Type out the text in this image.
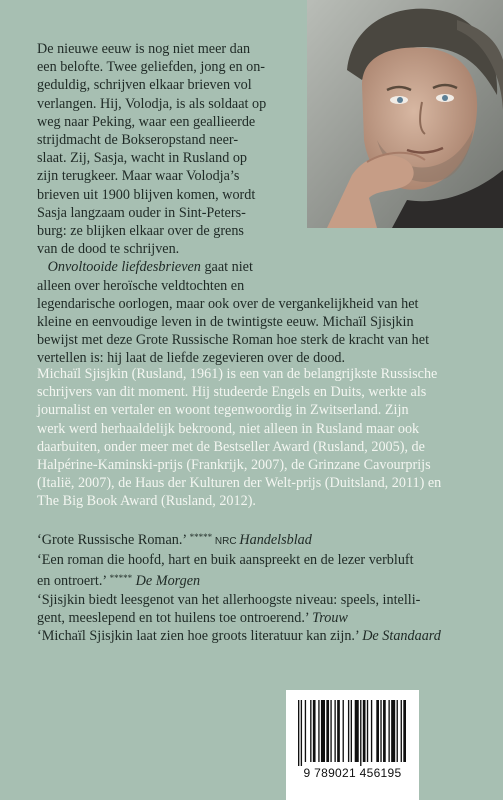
De nieuwe eeuw is nog niet meer dan

een belofte. Twee geliefden, jong en on-

geduldig, schrijven elkaar brieven vol

verlangen. Hij, Volodja, is als soldaat op

weg naar Peking, waar een geallieerde

strijdmacht de Bokseropstand neer-

slaat. Zij, Sasja, wacht in Rusland op

zijn terugkeer. Maar waar Volodja’s

brieven uit 1900 blijven komen, wordt

Sasja langzaam ouder in Sint-Peters-

burg: ze blijken elkaar over de grens

van de dood te schrijven.

Onvoltooide liefdesbrieven gaat niet

alleen over heroïsche veldtochten en

legendarische oorlogen, maar ook over de vergankelijkheid van het

kleine en eenvoudige leven in de twintigste eeuw. Michaïl Sjisjkin

bewijst met deze Grote Russische Roman hoe sterk de kracht van het

vertellen is: hij laat de liefde zegevieren over de dood.

Michaïl Sjisjkin (Rusland, 1961) is een van de belangrijkste Russische
schrijvers van dit moment. Hij studeerde Engels en Duits, werkte als
journalist en vertaler en woont tegenwoordig in Zwitserland. Zijn
werk werd herhaaldelijk bekroond, niet alleen in Rusland maar ook
daarbuiten, onder meer met de Bestseller Award (Rusland, 2005), de
Halpérine-Kaminski-prijs (Frankrijk, 2007), de Grinzane Cavourprijs
(Italië, 2007), de Haus der Kulturen der Welt-prijs (Duitsland, 2011) en
The Big Book Award (Rusland, 2012).
‘Grote Russische Roman.’ ***** NRC Handelsblad
‘Een roman die hoofd, hart en buik aanspreekt en de lezer verbluft
en ontroert.’ ***** De Morgen
‘Sjisjkin biedt leesgenot van het allerhoogste niveau: speels, intelli-
gent, meeslepend en tot huilens toe ontroerend.’ Trouw
‘Michaïl Sjisjkin laat zien hoe groots literatuur kan zijn.’ De Standaard
9 789021 456195
